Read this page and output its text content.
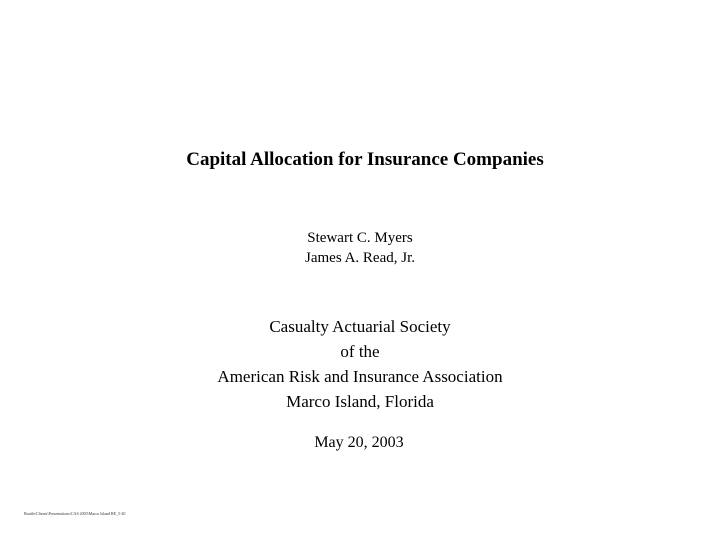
Capital Allocation for Insurance Companies
Stewart C. Myers
James A. Read, Jr.
Casualty Actuarial Society
of the
American Risk and Insurance Association
Marco Island, Florida
May 20, 2003
Brattle\Clients\Presentations\CAS 2003\Marco Island RE_5-20
